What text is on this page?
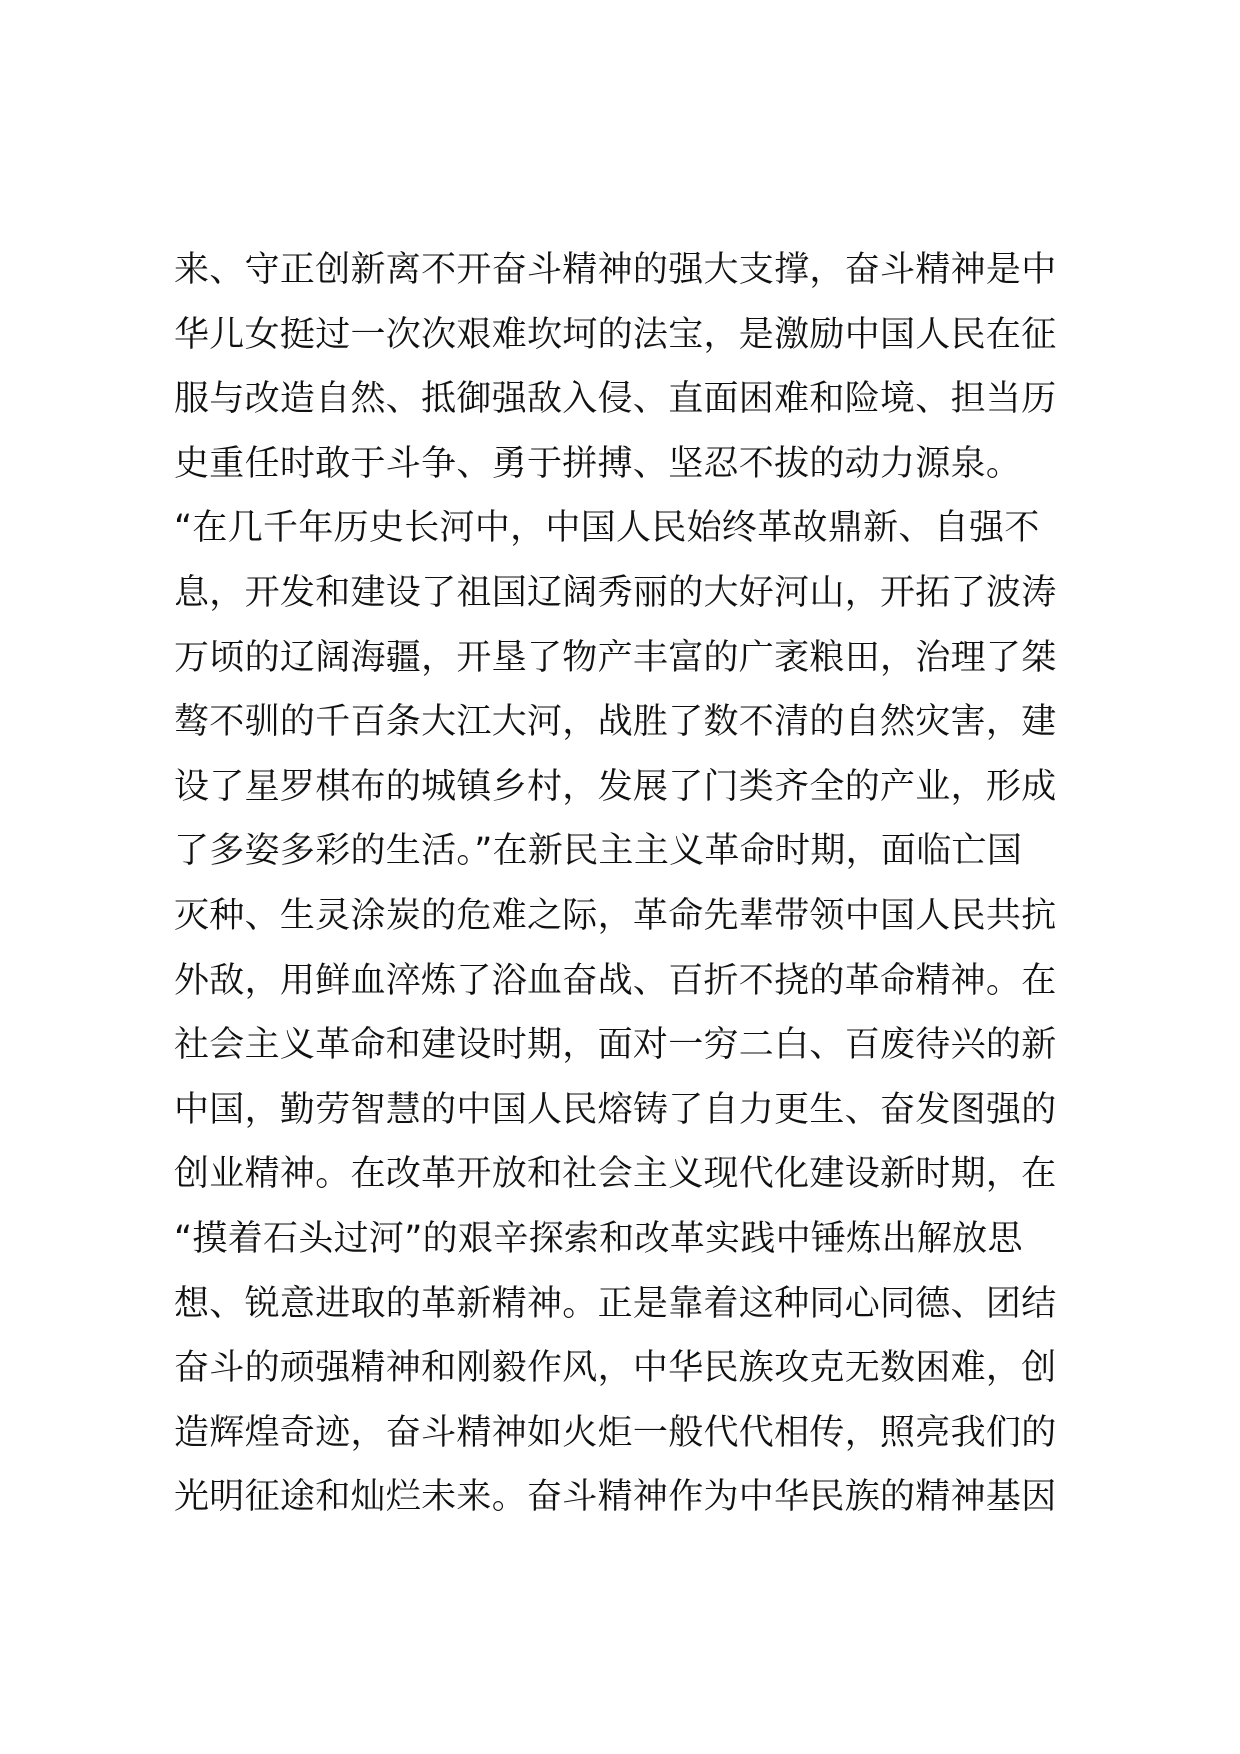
来、守正创新离不开奋斗精神的强大支撑，奋斗精神是中
华儿女挺过一次次艰难坎坷的法宝，是激励中国人民在征
服与改造自然、抵御强敌入侵、直面困难和险境、担当历
史重任时敢于斗争、勇于拼搏、坚忍不拔的动力源泉。
“在几千年历史长河中，中国人民始终革故鼎新、自强不
息，开发和建设了祖国辽阔秀丽的大好河山，开拓了波涛
万顷的辽阔海疆，开垦了物产丰富的广袤粮田，治理了桀
骜不驯的千百条大江大河，战胜了数不清的自然灾害，建
设了星罗棋布的城镇乡村，发展了门类齐全的产业，形成
了多姿多彩的生活。”在新民主主义革命时期，面临亡国
灭种、生灵涂炭的危难之际，革命先辈带领中国人民共抗
外敌，用鲜血淬炼了浴血奋战、百折不挠的革命精神。在
社会主义革命和建设时期，面对一穷二白、百废待兴的新
中国，勤劳智慧的中国人民熔铸了自力更生、奋发图强的
创业精神。在改革开放和社会主义现代化建设新时期，在
“摸着石头过河”的艰辛探索和改革实践中锤炼出解放思
想、锐意进取的革新精神。正是靠着这种同心同德、团结
奋斗的顽强精神和刚毅作风，中华民族攻克无数困难，创
造辉煌奇迹，奋斗精神如火炬一般代代相传，照亮我们的
光明征途和灿烂未来。奋斗精神作为中华民族的精神基因
